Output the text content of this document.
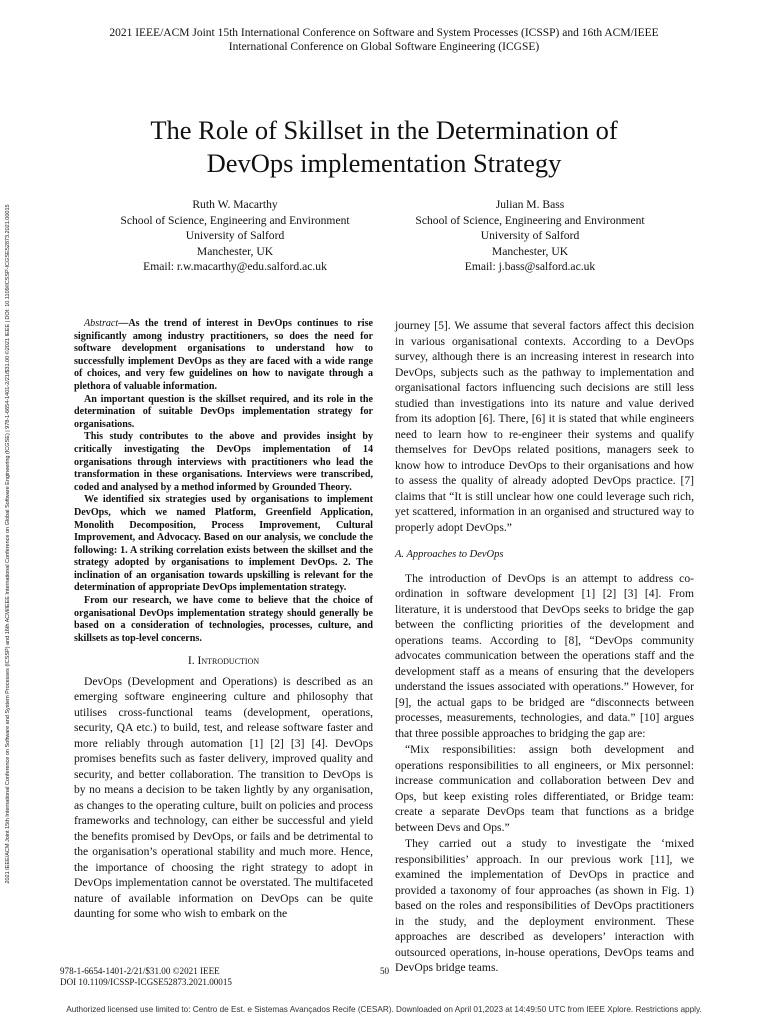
2021 IEEE/ACM Joint 15th International Conference on Software and System Processes (ICSSP) and 16th ACM/IEEE
International Conference on Global Software Engineering (ICGSE)
2021 IEEE/ACM Joint 15th International Conference on Software and System Processes (ICSSP) and 16th ACM/IEEE International Conference on Global Software Engineering (ICGSE) | 978-1-6654-1401-2/21/$31.00 ©2021 IEEE | DOI: 10.1109/ICSSP-ICGSE52873.2021.00015
The Role of Skillset in the Determination of
DevOps implementation Strategy
Ruth W. Macarthy
School of Science, Engineering and Environment
University of Salford
Manchester, UK
Email: r.w.macarthy@edu.salford.ac.uk
Julian M. Bass
School of Science, Engineering and Environment
University of Salford
Manchester, UK
Email: j.bass@salford.ac.uk

Abstract—As the trend of interest in DevOps continues to rise significantly among industry practitioners, so does the need for software development organisations to understand how to successfully implement DevOps as they are faced with a wide range of choices, and very few guidelines on how to navigate through a plethora of valuable information.

An important question is the skillset required, and its role in the determination of suitable DevOps implementation strategy for organisations.

This study contributes to the above and provides insight by critically investigating the DevOps implementation of 14 organisations through interviews with practitioners who lead the transformation in these organisations. Interviews were transcribed, coded and analysed by a method informed by Grounded Theory.

We identified six strategies used by organisations to implement DevOps, which we named Platform, Greenfield Application, Monolith Decomposition, Process Improvement, Cultural Improvement, and Advocacy. Based on our analysis, we conclude the following: 1. A striking correlation exists between the skillset and the strategy adopted by organisations to implement DevOps. 2. The inclination of an organisation towards upskilling is relevant for the determination of appropriate DevOps implementation strategy.

From our research, we have come to believe that the choice of organisational DevOps implementation strategy should generally be based on a consideration of technologies, processes, culture, and skillsets as top-level concerns.

I. Introduction

DevOps (Development and Operations) is described as an emerging software engineering culture and philosophy that utilises cross-functional teams (development, operations, security, QA etc.) to build, test, and release software faster and more reliably through automation [1] [2] [3] [4]. DevOps promises benefits such as faster delivery, improved quality and security, and better collaboration. The transition to DevOps is by no means a decision to be taken lightly by any organisation, as changes to the operating culture, built on policies and process frameworks and technology, can either be successful and yield the benefits promised by DevOps, or fails and be detrimental to the organisation’s operational stability and much more. Hence, the importance of choosing the right strategy to adopt in DevOps implementation cannot be overstated. The multifaceted nature of available information on DevOps can be quite daunting for some who wish to embark on the

journey [5]. We assume that several factors affect this decision in various organisational contexts. According to a DevOps survey, although there is an increasing interest in research into DevOps, subjects such as the pathway to implementation and organisational factors influencing such decisions are still less studied than investigations into its nature and value derived from its adoption [6]. There, [6] it is stated that while engineers need to learn how to re-engineer their systems and qualify themselves for DevOps related positions, managers seek to know how to introduce DevOps to their organisations and how to assess the quality of already adopted DevOps practice. [7] claims that “It is still unclear how one could leverage such rich, yet scattered, information in an organised and structured way to properly adopt DevOps.”

A. Approaches to DevOps

The introduction of DevOps is an attempt to address co-ordination in software development [1] [2] [3] [4]. From literature, it is understood that DevOps seeks to bridge the gap between the conflicting priorities of the development and operations teams. According to [8], “DevOps community advocates communication between the operations staff and the development staff as a means of ensuring that the developers understand the issues associated with operations.” However, for [9], the actual gaps to be bridged are “disconnects between processes, measurements, technologies, and data.” [10] argues that three possible approaches to bridging the gap are:

“Mix responsibilities: assign both development and operations responsibilities to all engineers, or Mix personnel: increase communication and collaboration between Dev and Ops, but keep existing roles differentiated, or Bridge team: create a separate DevOps team that functions as a bridge between Devs and Ops.”

They carried out a study to investigate the ‘mixed responsibilities’ approach. In our previous work [11], we examined the implementation of DevOps in practice and provided a taxonomy of four approaches (as shown in Fig. 1) based on the roles and responsibilities of DevOps practitioners in the study, and the deployment environment. These approaches are described as developers’ interaction with outsourced operations, in-house operations, DevOps teams and DevOps bridge teams.

978-1-6654-1401-2/21/$31.00 ©2021 IEEE
DOI 10.1109/ICSSP-ICGSE52873.2021.00015
50
Authorized licensed use limited to: Centro de Est. e Sistemas Avançados Recife (CESAR). Downloaded on April 01,2023 at 14:49:50 UTC from IEEE Xplore. Restrictions apply.
